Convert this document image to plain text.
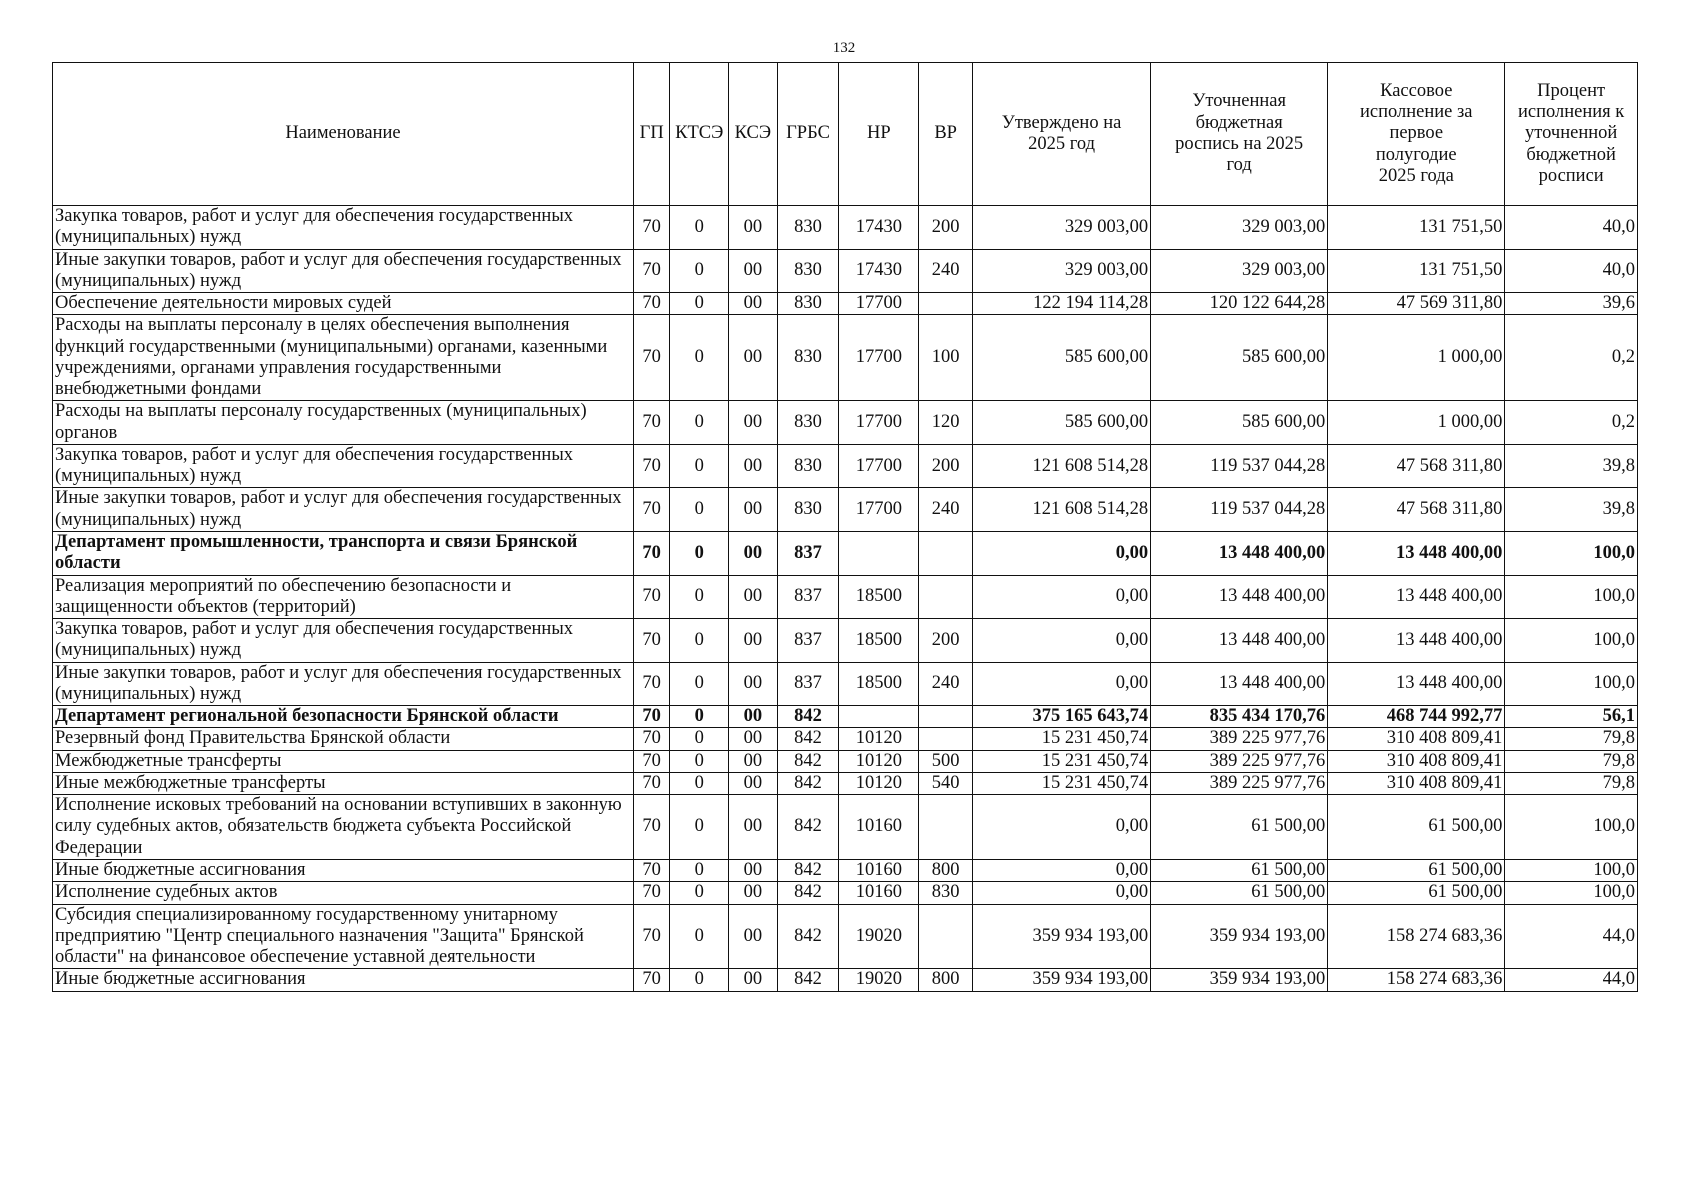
132
Наименование	ГП	КТСЭ	КСЭ	ГРБС	НР	ВР	Утверждено на 2025 год	Уточненная бюджетная роспись на 2025 год	Кассовое исполнение за первое полугодие 2025 года	Процент исполнения к уточненной бюджетной росписи
Закупка товаров, работ и услуг для обеспечения государственных (муниципальных) нужд	70	0	00	830	17430	200	329 003,00	329 003,00	131 751,50	40,0
Иные закупки товаров, работ и услуг для обеспечения государственных (муниципальных) нужд	70	0	00	830	17430	240	329 003,00	329 003,00	131 751,50	40,0
Обеспечение деятельности мировых судей	70	0	00	830	17700		122 194 114,28	120 122 644,28	47 569 311,80	39,6
Расходы на выплаты персоналу в целях обеспечения выполнения функций государственными (муниципальными) органами, казенными учреждениями, органами управления государственными внебюджетными фондами	70	0	00	830	17700	100	585 600,00	585 600,00	1 000,00	0,2
Расходы на выплаты персоналу государственных (муниципальных) органов	70	0	00	830	17700	120	585 600,00	585 600,00	1 000,00	0,2
Закупка товаров, работ и услуг для обеспечения государственных (муниципальных) нужд	70	0	00	830	17700	200	121 608 514,28	119 537 044,28	47 568 311,80	39,8
Иные закупки товаров, работ и услуг для обеспечения государственных (муниципальных) нужд	70	0	00	830	17700	240	121 608 514,28	119 537 044,28	47 568 311,80	39,8
Департамент промышленности, транспорта и связи Брянской области	70	0	00	837			0,00	13 448 400,00	13 448 400,00	100,0
Реализация мероприятий по обеспечению безопасности и защищенности объектов (территорий)	70	0	00	837	18500		0,00	13 448 400,00	13 448 400,00	100,0
Закупка товаров, работ и услуг для обеспечения государственных (муниципальных) нужд	70	0	00	837	18500	200	0,00	13 448 400,00	13 448 400,00	100,0
Иные закупки товаров, работ и услуг для обеспечения государственных (муниципальных) нужд	70	0	00	837	18500	240	0,00	13 448 400,00	13 448 400,00	100,0
Департамент региональной безопасности Брянской области	70	0	00	842			375 165 643,74	835 434 170,76	468 744 992,77	56,1
Резервный фонд Правительства Брянской области	70	0	00	842	10120		15 231 450,74	389 225 977,76	310 408 809,41	79,8
Межбюджетные трансферты	70	0	00	842	10120	500	15 231 450,74	389 225 977,76	310 408 809,41	79,8
Иные межбюджетные трансферты	70	0	00	842	10120	540	15 231 450,74	389 225 977,76	310 408 809,41	79,8
Исполнение исковых требований на основании вступивших в законную силу судебных актов, обязательств бюджета субъекта Российской Федерации	70	0	00	842	10160		0,00	61 500,00	61 500,00	100,0
Иные бюджетные ассигнования	70	0	00	842	10160	800	0,00	61 500,00	61 500,00	100,0
Исполнение судебных актов	70	0	00	842	10160	830	0,00	61 500,00	61 500,00	100,0
Субсидия специализированному государственному унитарному предприятию "Центр специального назначения "Защита" Брянской области" на финансовое обеспечение уставной деятельности	70	0	00	842	19020		359 934 193,00	359 934 193,00	158 274 683,36	44,0
Иные бюджетные ассигнования	70	0	00	842	19020	800	359 934 193,00	359 934 193,00	158 274 683,36	44,0
